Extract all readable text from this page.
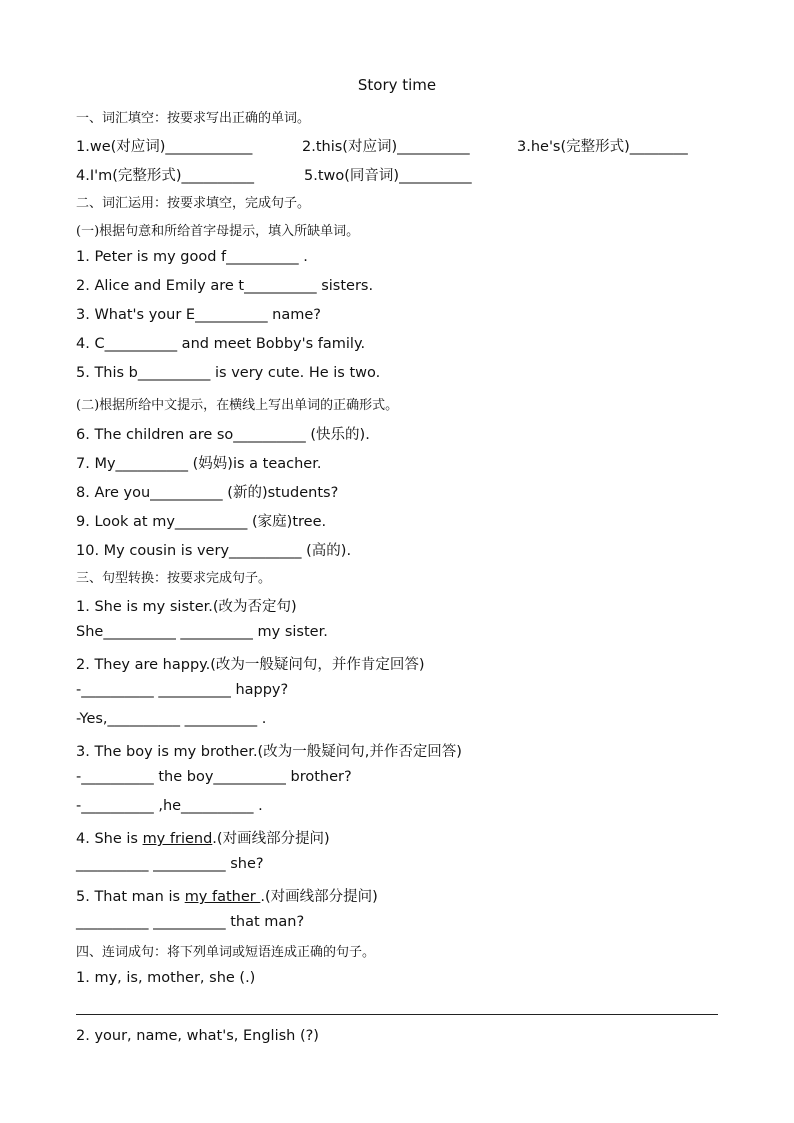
Story time
一、词汇填空：按要求写出正确的单词。
1.we(对应词)____________	2.this(对应词)__________	3.he's(完整形式)________
4.I'm(完整形式)__________	5.two(同音词)__________
二、词汇运用：按要求填空，完成句子。
(一)根据句意和所给首字母提示，填入所缺单词。
1. Peter is my good f__________ .
2. Alice and Emily are t__________ sisters.
3. What's your E__________ name?
4. C__________ and meet Bobby's family.
5. This b__________ is very cute. He is two.
(二)根据所给中文提示，在横线上写出单词的正确形式。
6. The children are so__________ (快乐的).
7. My__________ (妈妈)is a teacher.
8. Are you__________ (新的)students?
9. Look at my__________ (家庭)tree.
10. My cousin is very__________ (高的).
三、句型转换：按要求完成句子。
1. She is my sister.(改为否定句)
She__________ __________ my sister.
2. They are happy.(改为一般疑问句，并作肯定回答)
-__________ __________ happy?
-Yes,__________ __________ .
3. The boy is my brother.(改为一般疑问句,并作否定回答)
-__________ the boy__________ brother?
-__________ ,he__________ .
4. She is my friend.(对画线部分提问)
__________ __________ she?
5. That man is my father .(对画线部分提问)
__________ __________ that man?
四、连词成句：将下列单词或短语连成正确的句子。
1. my, is, mother, she (.)
2. your, name, what's, English (?)
